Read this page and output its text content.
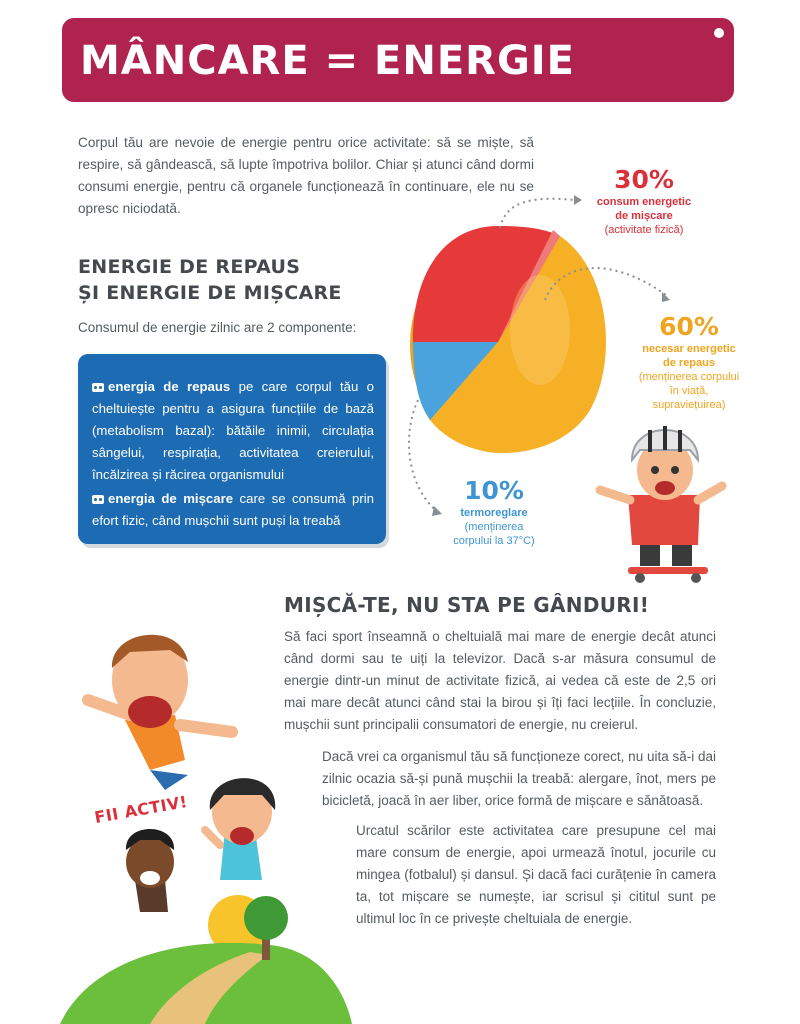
MÂNCARE = ENERGIE
Corpul tău are nevoie de energie pentru orice activitate: să se miște, să respire, să gândească, să lupte împotriva bolilor. Chiar și atunci când dormi consumi energie, pentru că organele funcționează în continuare, ele nu se opresc niciodată.
ENERGIE DE REPAUS
ȘI ENERGIE DE MIȘCARE
Consumul de energie zilnic are 2 componente:
energia de repaus pe care corpul tău o cheltuiește pentru a asigura funcțiile de bază (metabolism bazal): bătăile inimii, circulația sângelui, respirația, activitatea creierului, încălzirea și răcirea organismului
energia de mișcare care se consumă prin efort fizic, când mușchii sunt puși la treabă
30%
consum energetic
de mișcare
(activitate fizică)
60%
necesar energetic
de repaus
(menținerea corpului în viață,
supraviețuirea)
10%
termoreglare
(menținerea
corpului la 37°C)
MIȘCĂ-TE, NU STA PE GÂNDURI!
Să faci sport înseamnă o cheltuială mai mare de energie decât atunci când dormi sau te uiți la televizor. Dacă s-ar măsura consumul de energie dintr-un minut de activitate fizică, ai vedea că este de 2,5 ori mai mare decât atunci când stai la birou și îți faci lecțiile. În concluzie, mușchii sunt principalii consumatori de energie, nu creierul.
Dacă vrei ca organismul tău să funcționeze corect, nu uita să-i dai zilnic ocazia să-și pună mușchii la treabă: alergare, înot, mers pe bicicletă, joacă în aer liber, orice formă de mișcare e sănătoasă.
Urcatul scărilor este activitatea care presupune cel mai mare consum de energie, apoi urmează înotul, jocurile cu mingea (fotbalul) și dansul. Și dacă faci curățenie în camera ta, tot mișcare se numește, iar scrisul și cititul sunt pe ultimul loc în ce privește cheltuiala de energie.
FII ACTIV!
